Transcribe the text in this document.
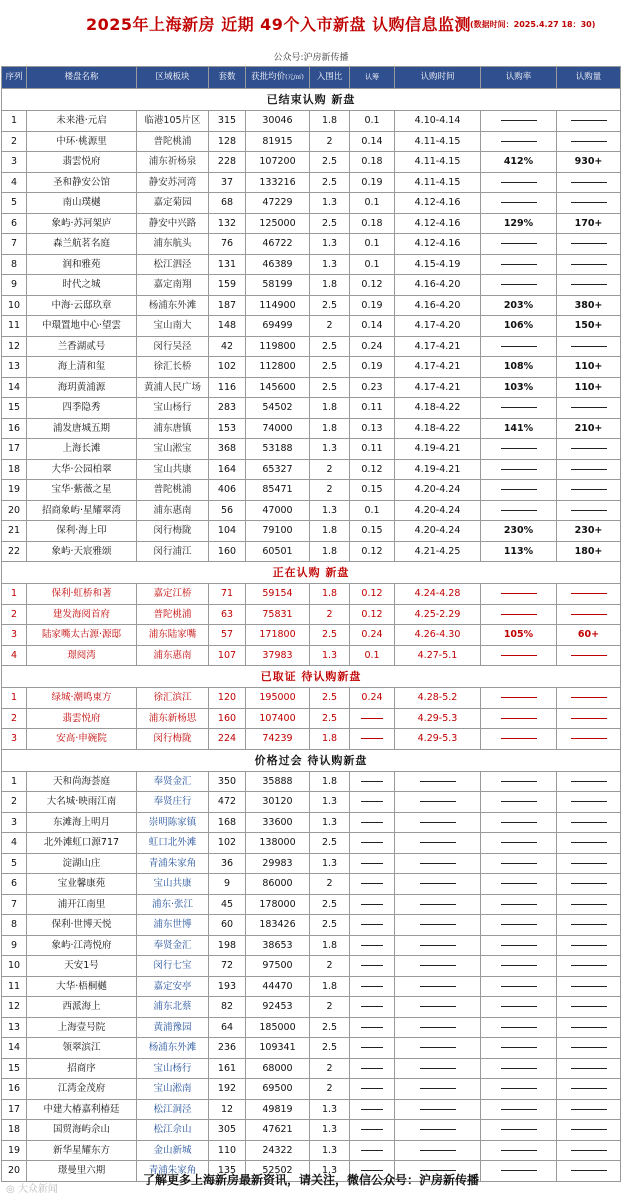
2025年上海新房 近期 49个入市新盘 认购信息监测
(数据时间：2025.4.27 18：30)
公众号:沪房新传播
序列	楼盘名称	区域板块	套数	获批均价(元/㎡)	入围比	认筹	认购时间	认购率	认购量
已结束认购 新盘									
1	未来港·元启	临港105片区	315	30046	1.8	0.1	4.10-4.14		
2	中环·桃源里	普陀桃浦	128	81915	2	0.14	4.11-4.15		
3	翡雲悦府	浦东祈杨泉	228	107200	2.5	0.18	4.11-4.15	412%	930+
4	圣和静安公馆	静安苏河湾	37	133216	2.5	0.19	4.11-4.15		
5	南山璞樾	嘉定菊园	68	47229	1.3	0.1	4.12-4.16		
6	象屿·苏河架庐	静安中兴路	132	125000	2.5	0.18	4.12-4.16	129%	170+
7	森兰航茗名庭	浦东航头	76	46722	1.3	0.1	4.12-4.16		
8	润和雅苑	松江泗泾	131	46389	1.3	0.1	4.15-4.19		
9	时代之城	嘉定南翔	159	58199	1.8	0.12	4.16-4.20		
10	中海·云邸玖章	杨浦东外滩	187	114900	2.5	0.19	4.16-4.20	203%	380+
11	中環置地中心·望雲	宝山南大	148	69499	2	0.14	4.17-4.20	106%	150+
12	兰香湖贰号	闵行吴泾	42	119800	2.5	0.24	4.17-4.21		
13	海上清和玺	徐汇长桥	102	112800	2.5	0.19	4.17-4.21	108%	110+
14	海玥黄浦源	黄浦人民广场	116	145600	2.5	0.23	4.17-4.21	103%	110+
15	四季隐秀	宝山杨行	283	54502	1.8	0.11	4.18-4.22		
16	浦发唐城五期	浦东唐镇	153	74000	1.8	0.13	4.18-4.22	141%	210+
17	上海长滩	宝山淞宝	368	53188	1.3	0.11	4.19-4.21		
18	大华·公园柏翠	宝山共康	164	65327	2	0.12	4.19-4.21		
19	宝华·紫薇之星	普陀桃浦	406	85471	2	0.15	4.20-4.24		
20	招商象屿·星耀翠湾	浦东惠南	56	47000	1.3	0.1	4.20-4.24		
21	保利·海上印	闵行梅陇	104	79100	1.8	0.15	4.20-4.24	230%	230+
22	象屿·天宸雅颂	闵行浦江	160	60501	1.8	0.12	4.21-4.25	113%	180+
正在认购 新盘									
1	保利·虹桥和著	嘉定江桥	71	59154	1.8	0.12	4.24-4.28		
2	建发海阅首府	普陀桃浦	63	75831	2	0.12	4.25-2.29		
3	陆家嘴太古源·源邸	浦东陆家嘴	57	171800	2.5	0.24	4.26-4.30	105%	60+
4	璟阅湾	浦东惠南	107	37983	1.3	0.1	4.27-5.1		
已取证 待认购新盘									
1	绿城·潮鸣東方	徐汇滨江	120	195000	2.5	0.24	4.28-5.2		
2	翡雲悦府	浦东新杨思	160	107400	2.5		4.29-5.3		
3	安高·申碗院	闵行梅陇	224	74239	1.8		4.29-5.3		
价格过会 待认购新盘									
1	天和尚海荟庭	奉贤金汇	350	35888	1.8				
2	大名城·映雨江南	奉贤庄行	472	30120	1.3				
3	东滩海上明月	崇明陈家镇	168	33600	1.3				
4	北外滩虹口源717	虹口北外滩	102	138000	2.5				
5	淀湖山庄	青浦朱家角	36	29983	1.3				
6	宝业馨康苑	宝山共康	9	86000	2				
7	浦开江南里	浦东·张江	45	178000	2.5				
8	保利·世博天悦	浦东世博	60	183426	2.5				
9	象屿·江湾悦府	奉贤金汇	198	38653	1.8				
10	天安1号	闵行七宝	72	97500	2				
11	大华·梧桐樾	嘉定安亭	193	44470	1.8				
12	西派海上	浦东北蔡	82	92453	2				
13	上海壹号院	黄浦豫园	64	185000	2.5				
14	领翠滨江	杨浦东外滩	236	109341	2.5				
15	招商序	宝山杨行	161	68000	2				
16	江湾金茂府	宝山淞南	192	69500	2				
17	中建大椿嘉利椿廷	松江洞泾	12	49819	1.3				
18	国贸海屿佘山	松江佘山	305	47621	1.3				
19	新华星耀东方	金山新城	110	24322	1.3				
20	璟曼里六期	青浦朱家角	135	52502	1.3				
了解更多上海新房最新资讯，请关注，微信公众号：沪房新传播
◎ 大众新闻
